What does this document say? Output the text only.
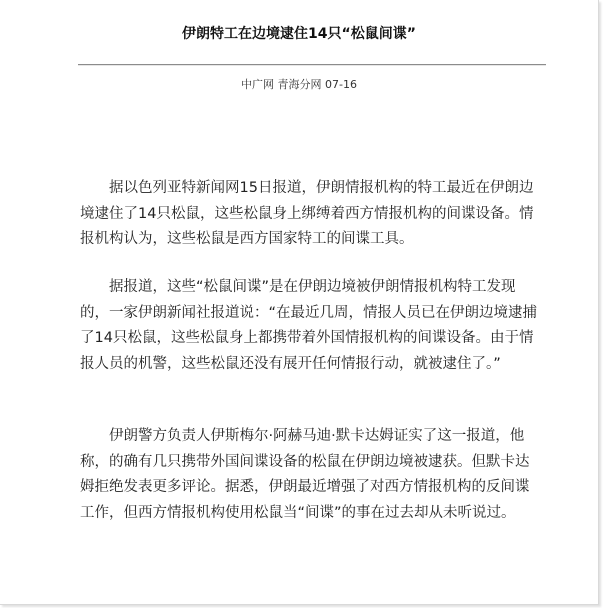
伊朗特工在边境逮住14只“松鼠间谍”
中广网 青海分网 07-16

据以色列亚特新闻网15日报道，伊朗情报机构的特工最近在伊朗边境逮住了14只松鼠，这些松鼠身上绑缚着西方情报机构的间谍设备。情报机构认为，这些松鼠是西方国家特工的间谍工具。

据报道，这些“松鼠间谍”是在伊朗边境被伊朗情报机构特工发现的，一家伊朗新闻社报道说：“在最近几周，情报人员已在伊朗边境逮捕了14只松鼠，这些松鼠身上都携带着外国情报机构的间谍设备。由于情报人员的机警，这些松鼠还没有展开任何情报行动，就被逮住了。”

伊朗警方负责人伊斯梅尔·阿赫马迪·默卡达姆证实了这一报道，他称，的确有几只携带外国间谍设备的松鼠在伊朗边境被逮获。但默卡达姆拒绝发表更多评论。据悉，伊朗最近增强了对西方情报机构的反间谍工作，但西方情报机构使用松鼠当“间谍”的事在过去却从未听说过。
